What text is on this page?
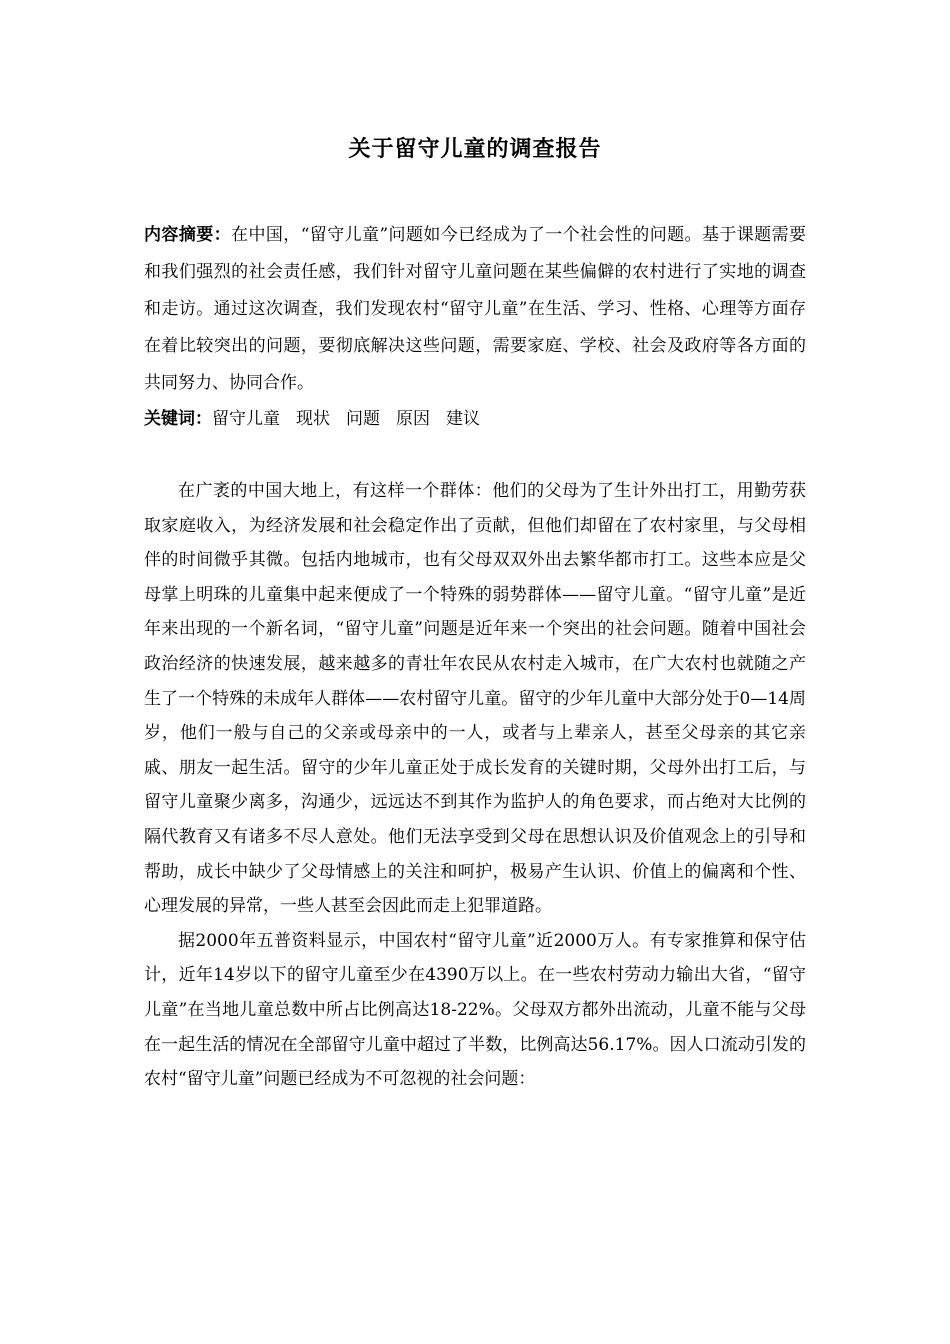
关于留守儿童的调查报告
内容摘要：在中国，“留守儿童”问题如今已经成为了一个社会性的问题。基于课题需要和我们强烈的社会责任感，我们针对留守儿童问题在某些偏僻的农村进行了实地的调查和走访。通过这次调查，我们发现农村“留守儿童”在生活、学习、性格、心理等方面存在着比较突出的问题，要彻底解决这些问题，需要家庭、学校、社会及政府等各方面的共同努力、协同合作。
关键词：留守儿童 现状 问题 原因 建议

在广袤的中国大地上，有这样一个群体：他们的父母为了生计外出打工，用勤劳获取家庭收入，为经济发展和社会稳定作出了贡献，但他们却留在了农村家里，与父母相伴的时间微乎其微。包括内地城市，也有父母双双外出去繁华都市打工。这些本应是父母掌上明珠的儿童集中起来便成了一个特殊的弱势群体——留守儿童。“留守儿童”是近年来出现的一个新名词，“留守儿童”问题是近年来一个突出的社会问题。随着中国社会政治经济的快速发展，越来越多的青壮年农民从农村走入城市，在广大农村也就随之产生了一个特殊的未成年人群体——农村留守儿童。留守的少年儿童中大部分处于0—14周岁，他们一般与自己的父亲或母亲中的一人，或者与上辈亲人，甚至父母亲的其它亲戚、朋友一起生活。留守的少年儿童正处于成长发育的关键时期，父母外出打工后，与留守儿童聚少离多，沟通少，远远达不到其作为监护人的角色要求，而占绝对大比例的隔代教育又有诸多不尽人意处。他们无法享受到父母在思想认识及价值观念上的引导和帮助，成长中缺少了父母情感上的关注和呵护，极易产生认识、价值上的偏离和个性、心理发展的异常，一些人甚至会因此而走上犯罪道路。

据2000年五普资料显示，中国农村“留守儿童”近2000万人。有专家推算和保守估计，近年14岁以下的留守儿童至少在4390万以上。在一些农村劳动力输出大省，“留守儿童”在当地儿童总数中所占比例高达18-22%。父母双方都外出流动，儿童不能与父母在一起生活的情况在全部留守儿童中超过了半数，比例高达56.17%。因人口流动引发的农村“留守儿童”问题已经成为不可忽视的社会问题：
